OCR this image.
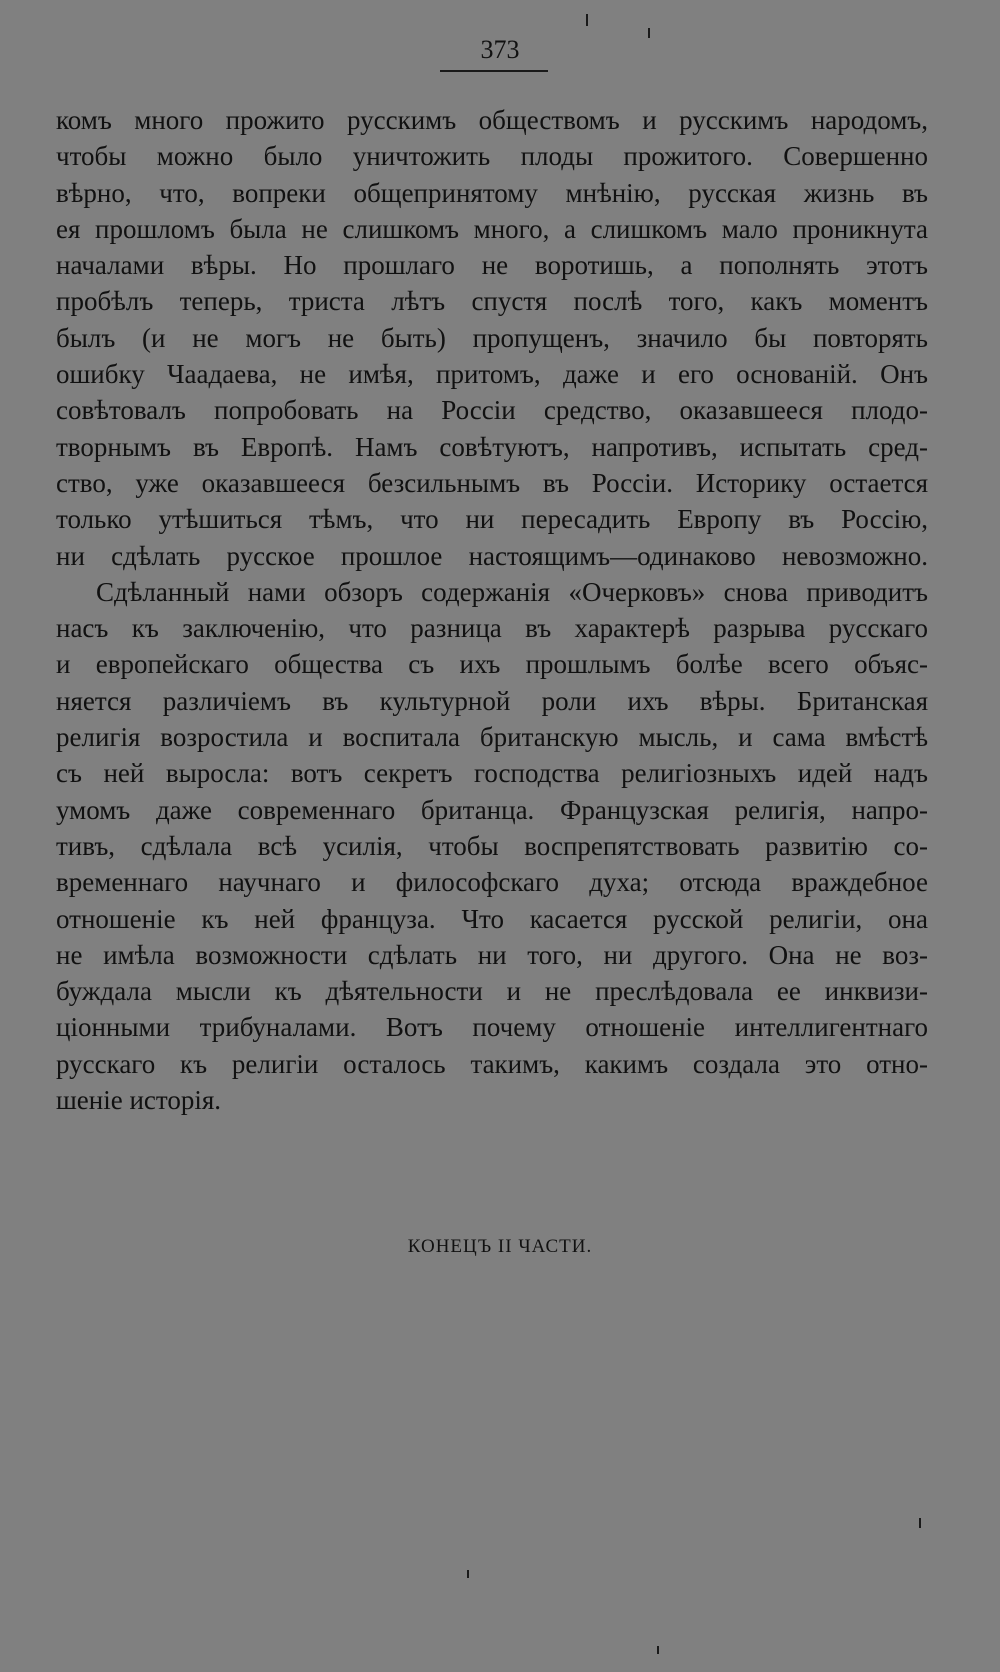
373
комъ много прожито русскимъ обществомъ и русскимъ народомъ,
чтобы можно было уничтожить плоды прожитого. Совершенно
вѣрно, что, вопреки общепринятому мнѣнію, русская жизнь въ
ея прошломъ была не слишкомъ много, а слишкомъ мало проникнута
началами вѣры. Но прошлаго не воротишь, а пополнять этотъ
пробѣлъ теперь, триста лѣтъ спустя послѣ того, какъ моментъ
былъ (и не могъ не быть) пропущенъ, значило бы повторять
ошибку Чаадаева, не имѣя, притомъ, даже и его основаній. Онъ
совѣтовалъ попробовать на Россіи средство, оказавшееся плодо-
творнымъ въ Европѣ. Намъ совѣтуютъ, напротивъ, испытать сред-
ство, уже оказавшееся безсильнымъ въ Россіи. Историку остается
только утѣшиться тѣмъ, что ни пересадить Европу въ Россію,
ни сдѣлать русское прошлое настоящимъ—одинаково невозможно.
Сдѣланный нами обзоръ содержанія «Очерковъ» снова приводитъ
насъ къ заключенію, что разница въ характерѣ разрыва русскаго
и европейскаго общества съ ихъ прошлымъ болѣе всего объяс-
няется различіемъ въ культурной роли ихъ вѣры. Британская
религія возростила и воспитала британскую мысль, и сама вмѣстѣ
съ ней выросла: вотъ секретъ господства религіозныхъ идей надъ
умомъ даже современнаго британца. Французская религія, напро-
тивъ, сдѣлала всѣ усилія, чтобы воспрепятствовать развитію со-
временнаго научнаго и философскаго духа; отсюда враждебное
отношеніе къ ней француза. Что касается русской религіи, она
не имѣла возможности сдѣлать ни того, ни другого. Она не воз-
буждала мысли къ дѣятельности и не преслѣдовала ее инквизи-
ціонными трибуналами. Вотъ почему отношеніе интеллигентнаго
русскаго къ религіи осталось такимъ, какимъ создала это отно-
шеніе исторія.
КОНЕЦЪ II ЧАСТИ.
